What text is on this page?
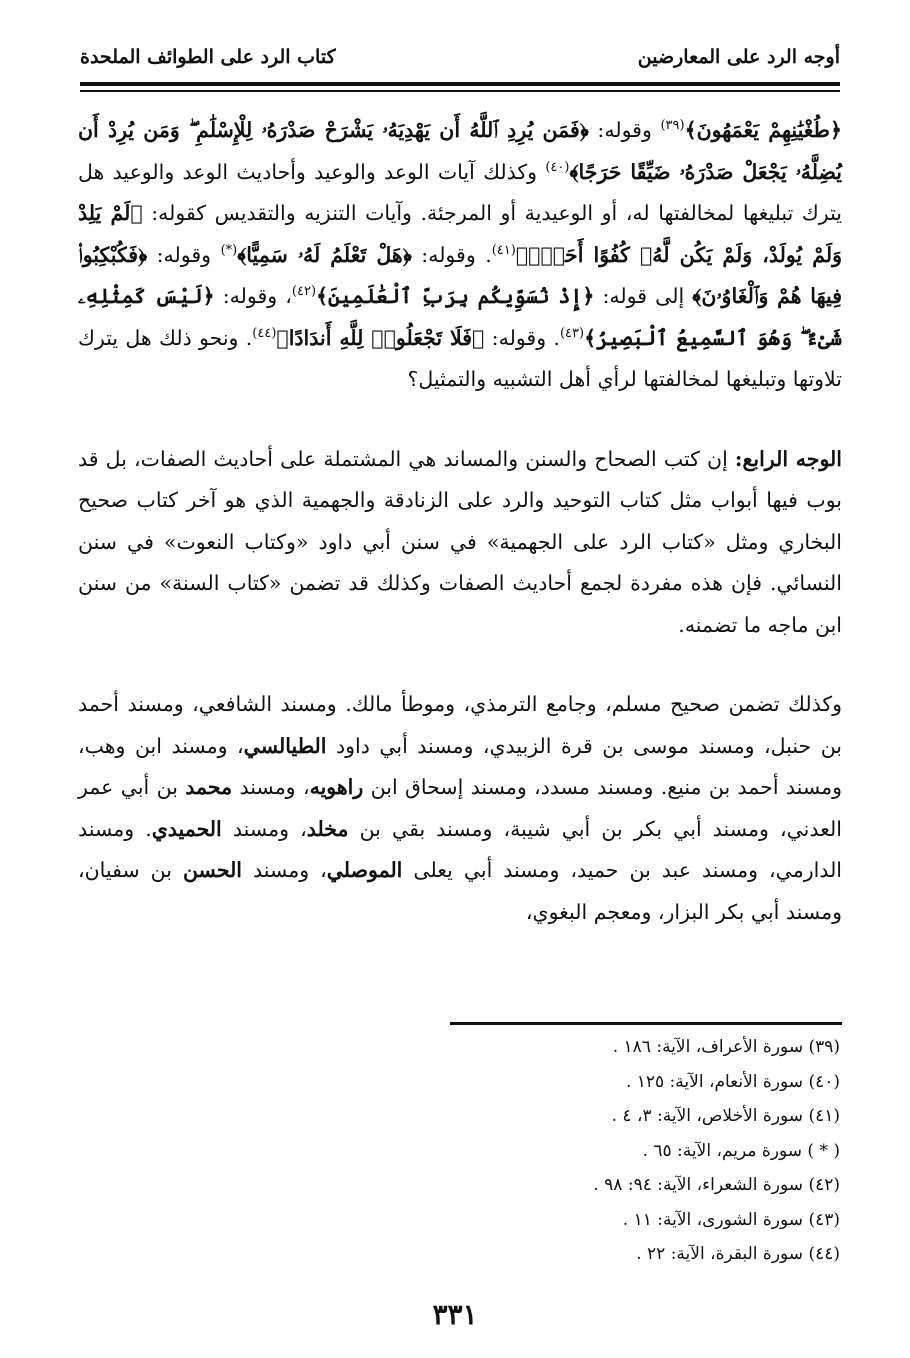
أوجه الرد على المعارضين
كتاب الرد على الطوائف الملحدة

﴿طُغْيَٰنِهِمْ يَعْمَهُونَ﴾$^{(٣٩)}$ وقوله: ﴿فَمَن يُرِدِ ٱللَّهُ أَن يَهْدِيَهُۥ يَشْرَحْ صَدْرَهُۥ لِلْإِسْلَٰمِ ۖ وَمَن يُرِدْ أَن يُضِلَّهُۥ يَجْعَلْ صَدْرَهُۥ ضَيِّقًا حَرَجًا﴾$^{(٤٠)}$ وكذلك آيات الوعد والوعيد وأحاديث الوعد والوعيد هل يترك تبليغها لمخالفتها له، أو الوعيدية أو المرجئة. وآيات التنزيه والتقديس كقوله: ﴿لَمْ يَلِدْ وَلَمْ يُولَدْ، وَلَمْ يَكُن لَّهُۥ كُفُوًا أَحَدٌۢ﴾$^{(٤١)}$. وقوله: ﴿هَلْ تَعْلَمُ لَهُۥ سَمِيًّا﴾(*) وقوله: ﴿فَكُبْكِبُوا۟ فِيهَا هُمْ وَٱلْغَاوُۥنَ﴾ إلى قوله: ﴿إِذْ نُسَوِّيكُم بِرَبِّ ٱلْعَٰلَمِينَ﴾$^{(٤٢)}$، وقوله: ﴿لَيْسَ كَمِثْلِهِۦ شَىْءٌ ۖ وَهُوَ ٱلسَّمِيعُ ٱلْبَصِيرُ﴾$^{(٤٣)}$. وقوله: ﴿فَلَا تَجْعَلُوا۟ لِلَّهِ أَندَادًا﴾$^{(٤٤)}$. ونحو ذلك هل يترك تلاوتها وتبليغها لمخالفتها لرأي أهل التشبيه والتمثيل؟

الوجه الرابع: إن كتب الصحاح والسنن والمساند هي المشتملة على أحاديث الصفات، بل قد بوب فيها أبواب مثل كتاب التوحيد والرد على الزنادقة والجهمية الذي هو آخر كتاب صحيح البخاري ومثل «كتاب الرد على الجهمية» في سنن أبي داود «وكتاب النعوت» في سنن النسائي. فإن هذه مفردة لجمع أحاديث الصفات وكذلك قد تضمن «كتاب السنة» من سنن ابن ماجه ما تضمنه.

وكذلك تضمن صحيح مسلم، وجامع الترمذي، وموطأ مالك. ومسند الشافعي، ومسند أحمد بن حنبل، ومسند موسى بن قرة الزبيدي، ومسند أبي داود الطيالسي، ومسند ابن وهب، ومسند أحمد بن منيع. ومسند مسدد، ومسند إسحاق ابن راهويه، ومسند محمد بن أبي عمر العدني، ومسند أبي بكر بن أبي شيبة، ومسند بقي بن مخلد، ومسند الحميدي. ومسند الدارمي، ومسند عبد بن حميد، ومسند أبي يعلى الموصلي، ومسند الحسن بن سفيان، ومسند أبي بكر البزار، ومعجم البغوي،

(٣٩) سورة الأعراف، الآية: ١٨٦ .
(٤٠) سورة الأنعام، الآية: ١٢٥ .
(٤١) سورة الأخلاص، الآية: ٣، ٤ .
( * ) سورة مريم، الآية: ٦٥ .
(٤٢) سورة الشعراء، الآية: ٩٤: ٩٨ .
(٤٣) سورة الشورى، الآية: ١١ .
(٤٤) سورة البقرة، الآية: ٢٢ .
٣٣١
